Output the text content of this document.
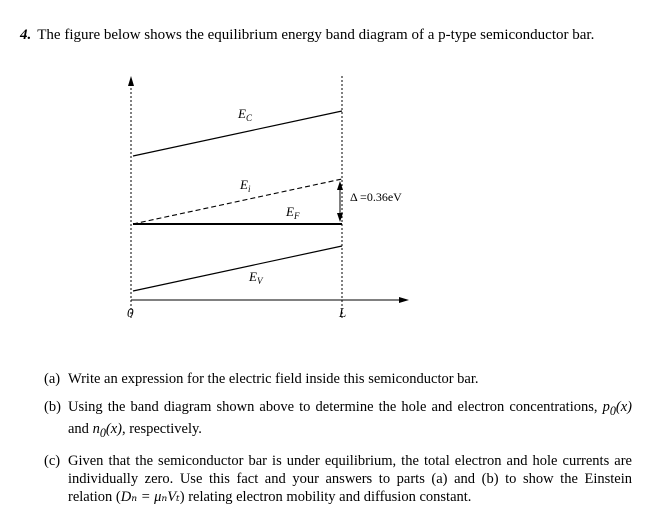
4. The figure below shows the equilibrium energy band diagram of a p-type semiconductor bar.
$E_C$
$E_i$
$E_F$
$E_V$
Δ =0.36eV
0	L
(a) Write an expression for the electric field inside this semiconductor bar.
(b) Using the band diagram shown above to determine the hole and electron concentrations, $p_0(x)$ and $n_0(x)$, respectively.
(c) Given that the semiconductor bar is under equilibrium, the total electron and hole currents are individually zero. Use this fact and your answers to parts (a) and (b) to show the Einstein relation (Dₙ = μₙVₜ) relating electron mobility and diffusion constant.
